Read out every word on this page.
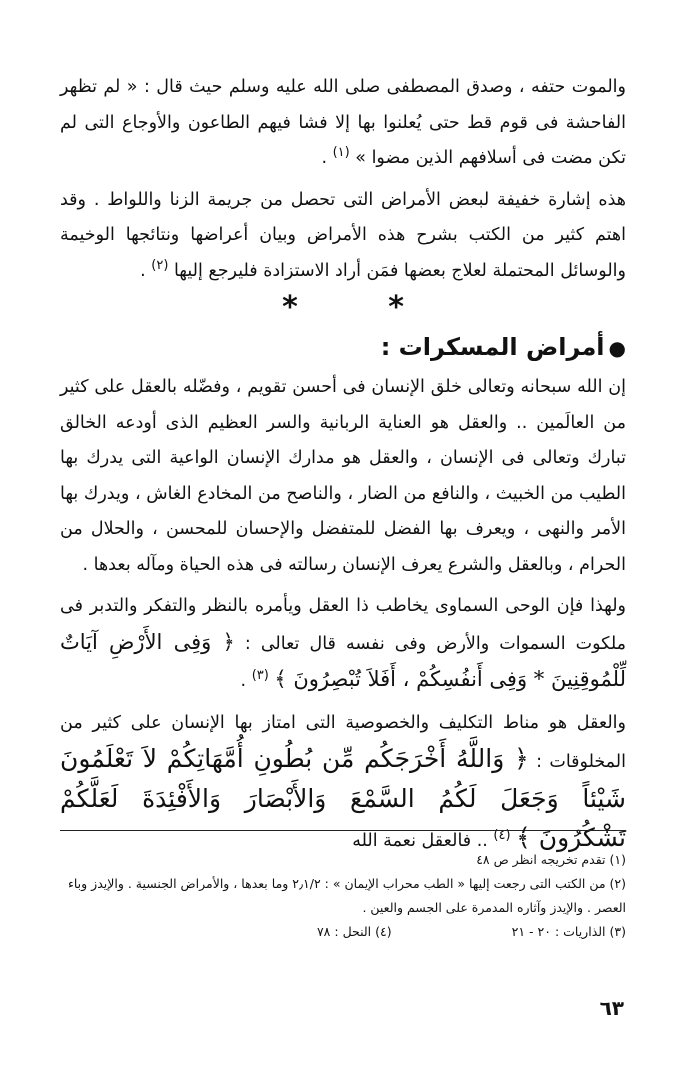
والموت حتفه ، وصدق المصطفى صلى الله عليه وسلم حيث قال : « لم تظهر الفاحشة فى قوم قط حتى يُعلنوا بها إلا فشا فيهم الطاعون والأوجاع التى لم تكن مضت فى أسلافهم الذين مضوا » $^{(١)}$ .

هذه إشارة خفيفة لبعض الأمراض التى تحصل من جريمة الزنا واللواط . وقد اهتم كثير من الكتب بشرح هذه الأمراض وبيان أعراضها ونتائجها الوخيمة والوسائل المحتملة لعلاج بعضها فمَن أراد الاستزادة فليرجع إليها $^{(٢)}$ .

* *

●أمراض المسكرات :

إن الله سبحانه وتعالى خلق الإنسان فى أحسن تقويم ، وفضّله بالعقل على كثير من العالَمين .. والعقل هو العناية الربانية والسر العظيم الذى أودعه الخالق تبارك وتعالى فى الإنسان ، والعقل هو مدارك الإنسان الواعية التى يدرك بها الطيب من الخبيث ، والنافع من الضار ، والناصح من المخادع الغاش ، ويدرك بها الأمر والنهى ، ويعرف بها الفضل للمتفضل والإحسان للمحسن ، والحلال من الحرام ، وبالعقل والشرع يعرف الإنسان رسالته فى هذه الحياة ومآله بعدها .

ولهذا فإن الوحى السماوى يخاطب ذا العقل ويأمره بالنظر والتفكر والتدبر فى ملكوت السموات والأرض وفى نفسه قال تعالى : ﴿ وَفِى الأَرْضِ آيَاتٌ لِّلْمُوقِنِينَ * وَفِى أَنفُسِكُمْ ، أَفَلاَ تُبْصِرُونَ ﴾ $^{(٣)}$ .

والعقل هو مناط التكليف والخصوصية التى امتاز بها الإنسان على كثير من المخلوقات : ﴿ وَاللَّهُ أَخْرَجَكُم مِّن بُطُونِ أُمَّهَاتِكُمْ لاَ تَعْلَمُونَ شَيْئاً وَجَعَلَ لَكُمُ السَّمْعَ وَالأَبْصَارَ وَالأَفْئِدَةَ لَعَلَّكُمْ تَشْكُرُونَ ﴾ $^{(٤)}$ .. فالعقل نعمة الله

(١) تقدم تخريجه انظر ص ٤٨

(٢) من الكتب التى رجعت إليها « الطب محراب الإيمان » : ٢٫١/٢ وما بعدها ، والأمراض الجنسية . والإيدز وباء العصر . والإيدز وآثاره المدمرة على الجسم والعين .

(٣) الذاريات : ٢٠ - ٢١
(٤) النحل : ٧٨
٦٣
